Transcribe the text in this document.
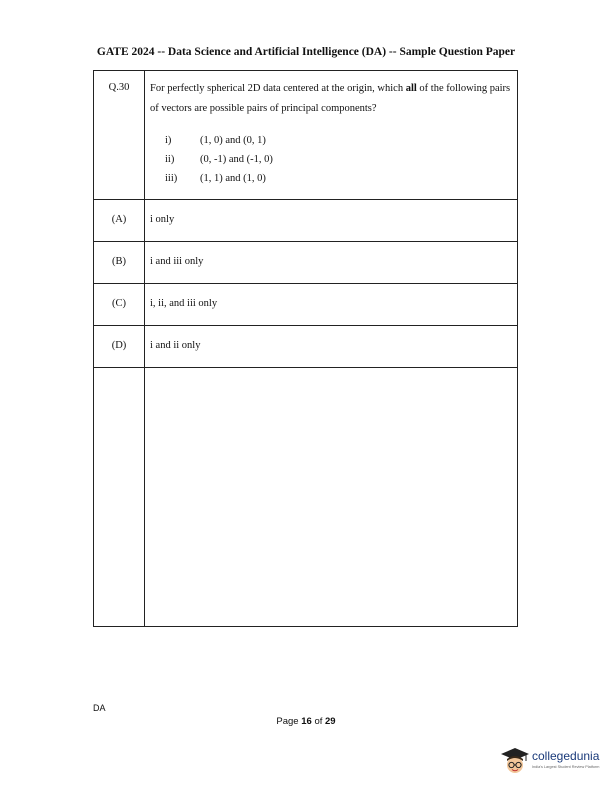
GATE 2024 -- Data Science and Artificial Intelligence (DA) -- Sample Question Paper
Q.30	For perfectly spherical 2D data centered at the origin, which all of the following pairs of vectors are possible pairs of principal components?
i) (1, 0) and (0, 1)
ii) (0, -1) and (-1, 0)
iii) (1, 1) and (1, 0)

(A)	i only
(B)	i and iii only
(C)	i, ii, and iii only
(D)	i and ii only

DA
Page 16 of 29
collegedunia
India's Largest Student Review Platform
